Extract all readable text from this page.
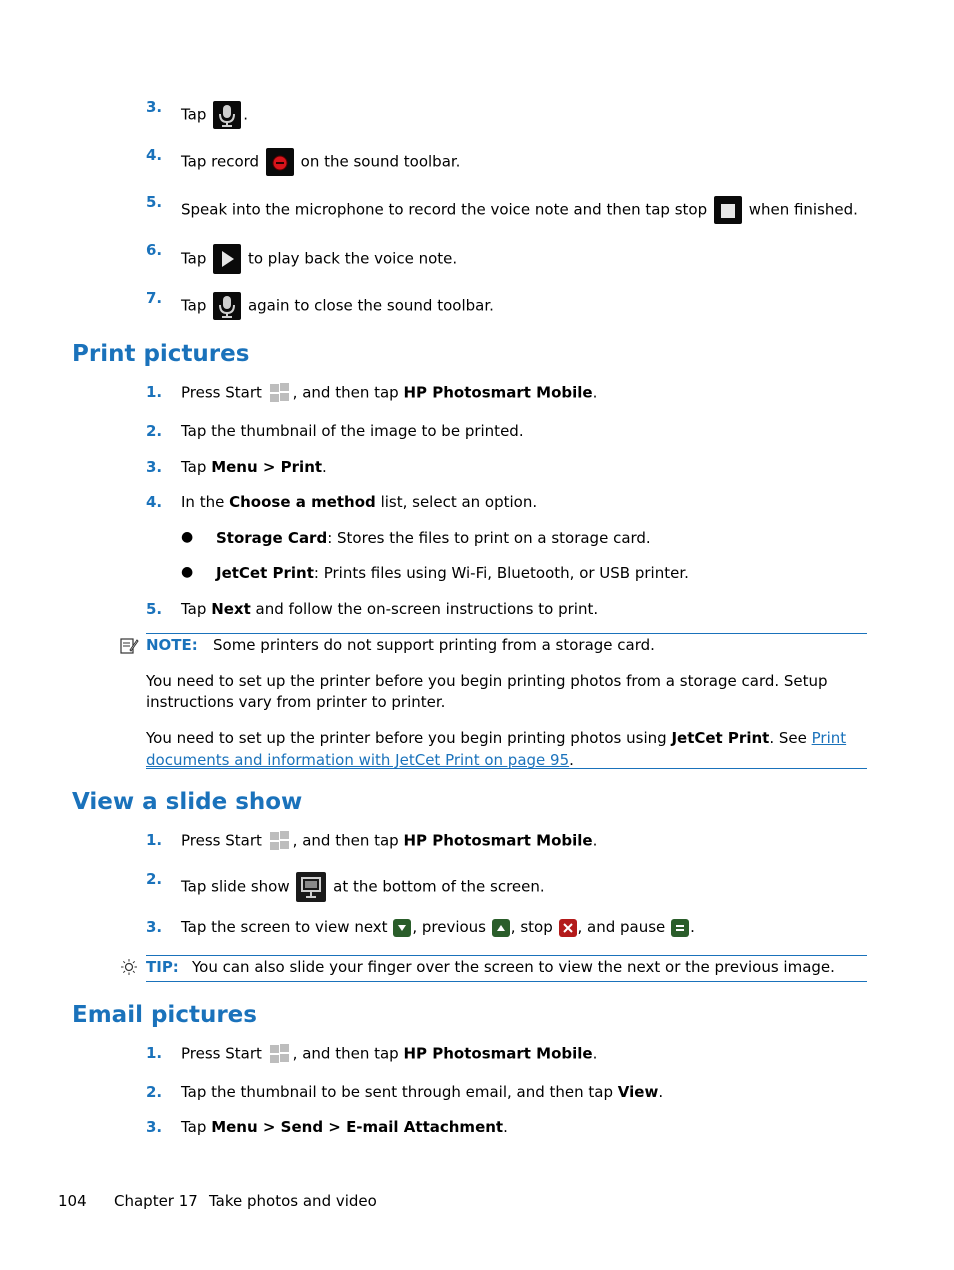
3. Tap .
4. Tap record	on the sound toolbar.
5. Speak into the microphone to record the voice note and then tap stop	when finished.
6. Tap	to play back the voice note.
7. Tap	again to close the sound toolbar.
Print pictures
1. Press Start , and then tap HP Photosmart Mobile.
2. Tap the thumbnail of the image to be printed.
3. Tap Menu > Print.
4. In the Choose a method list, select an option.
● Storage Card: Stores the files to print on a storage card.
● JetCet Print: Prints files using Wi-Fi, Bluetooth, or USB printer.
5. Tap Next and follow the on-screen instructions to print.
NOTE: Some printers do not support printing from a storage card.
You need to set up the printer before you begin printing photos from a storage card. Setup instructions vary from printer to printer.
You need to set up the printer before you begin printing photos using JetCet Print. See Print
documents and information with JetCet Print on page 95.
View a slide show
1. Press Start , and then tap HP Photosmart Mobile.
2. Tap slide show	at the bottom of the screen.
3. Tap the screen to view next , previous , stop , and pause .
TIP: You can also slide your finger over the screen to view the next or the previous image.
Email pictures
1. Press Start , and then tap HP Photosmart Mobile.
2. Tap the thumbnail to be sent through email, and then tap View.
3. Tap Menu > Send > E-mail Attachment.
104 Chapter 17 Take photos and video
